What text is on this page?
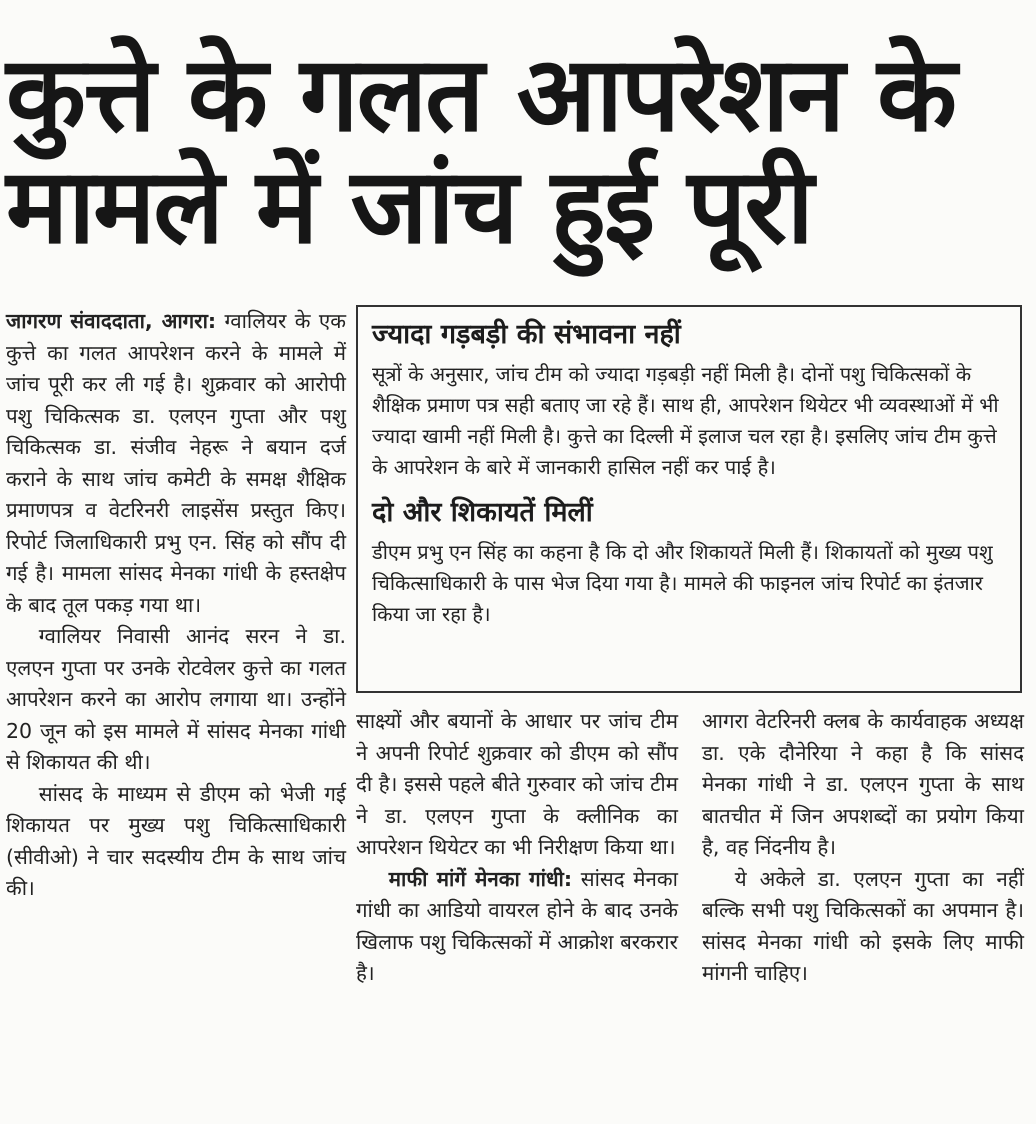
कुत्ते के गलत आपरेशन के
मामले में जांच हुई पूरी

जागरण संवाददाता, आगरा: ग्वालियर के एक कुत्ते का गलत आपरेशन करने के मामले में जांच पूरी कर ली गई है। शुक्रवार को आरोपी पशु चिकित्सक डा. एलएन गुप्ता और पशु चिकित्सक डा. संजीव नेहरू ने बयान दर्ज कराने के साथ जांच कमेटी के समक्ष शैक्षिक प्रमाणपत्र व वेटरिनरी लाइसेंस प्रस्तुत किए। रिपोर्ट जिलाधिकारी प्रभु एन. सिंह को सौंप दी गई है। मामला सांसद मेनका गांधी के हस्तक्षेप के बाद तूल पकड़ गया था।

ग्वालियर निवासी आनंद सरन ने डा. एलएन गुप्ता पर उनके रोटवेलर कुत्ते का गलत आपरेशन करने का आरोप लगाया था। उन्होंने 20 जून को इस मामले में सांसद मेनका गांधी से शिकायत की थी।

सांसद के माध्यम से डीएम को भेजी गई शिकायत पर मुख्य पशु चिकित्साधिकारी (सीवीओ) ने चार सदस्यीय टीम के साथ जांच की।

ज्यादा गड़बड़ी की संभावना नहीं

सूत्रों के अनुसार, जांच टीम को ज्यादा गड़बड़ी नहीं मिली है। दोनों पशु चिकित्सकों के शैक्षिक प्रमाण पत्र सही बताए जा रहे हैं। साथ ही, आपरेशन थियेटर भी व्यवस्थाओं में भी ज्यादा खामी नहीं मिली है। कुत्ते का दिल्ली में इलाज चल रहा है। इसलिए जांच टीम कुत्ते के आपरेशन के बारे में जानकारी हासिल नहीं कर पाई है।

दो और शिकायतें मिलीं

डीएम प्रभु एन सिंह का कहना है कि दो और शिकायतें मिली हैं। शिकायतों को मुख्य पशु चिकित्साधिकारी के पास भेज दिया गया है। मामले की फाइनल जांच रिपोर्ट का इंतजार किया जा रहा है।

साक्ष्यों और बयानों के आधार पर जांच टीम ने अपनी रिपोर्ट शुक्रवार को डीएम को सौंप दी है। इससे पहले बीते गुरुवार को जांच टीम ने डा. एलएन गुप्ता के क्लीनिक का आपरेशन थियेटर का भी निरीक्षण किया था।

माफी मांगें मेनका गांधी: सांसद मेनका गांधी का आडियो वायरल होने के बाद उनके खिलाफ पशु चिकित्सकों में आक्रोश बरकरार है।

आगरा वेटरिनरी क्लब के कार्यवाहक अध्यक्ष डा. एके दौनेरिया ने कहा है कि सांसद मेनका गांधी ने डा. एलएन गुप्ता के साथ बातचीत में जिन अपशब्दों का प्रयोग किया है, वह निंदनीय है।

ये अकेले डा. एलएन गुप्ता का नहीं बल्कि सभी पशु चिकित्सकों का अपमान है। सांसद मेनका गांधी को इसके लिए माफी मांगनी चाहिए।
